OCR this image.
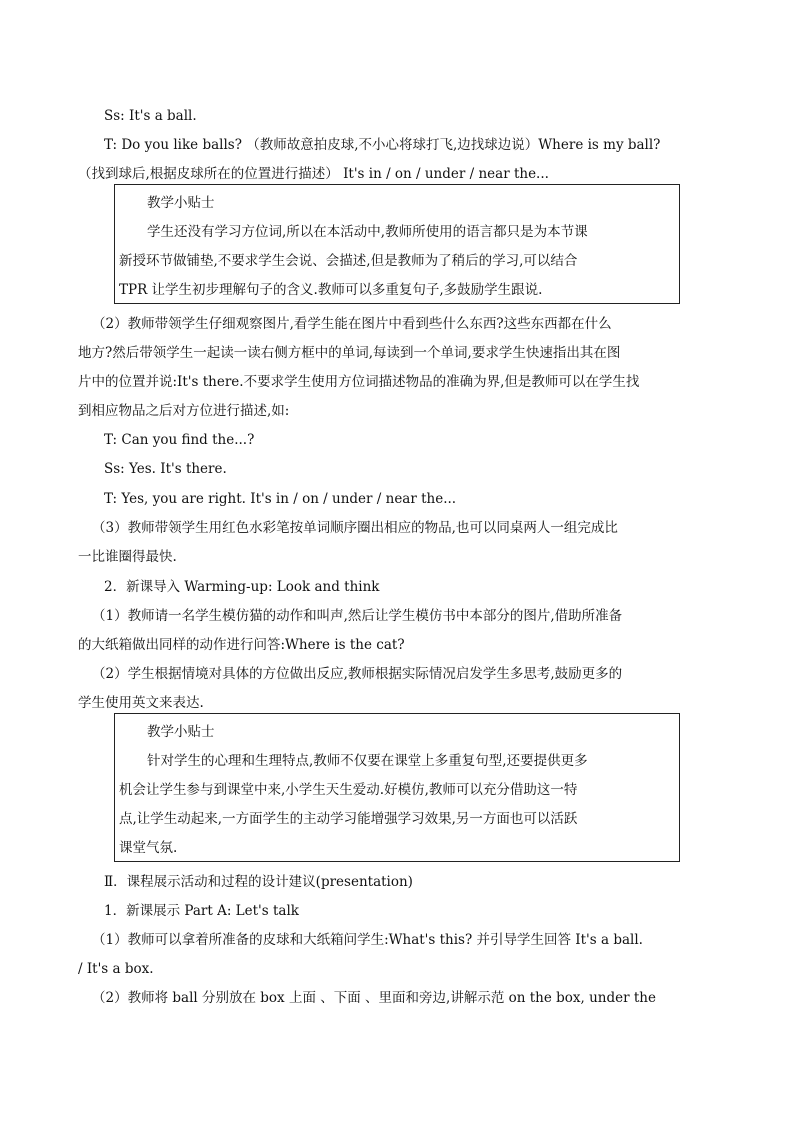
Ss: It's a ball.
T: Do you like balls? （教师故意拍皮球,不小心将球打飞,边找球边说）Where is my ball?
（找到球后,根据皮球所在的位置进行描述） It's in / on / under / near the...
教学小贴士
学生还没有学习方位词,所以在本活动中,教师所使用的语言都只是为本节课
新授环节做铺垫,不要求学生会说、会描述,但是教师为了稍后的学习,可以结合
TPR 让学生初步理解句子的含义.教师可以多重复句子,多鼓励学生跟说.
（2）教师带领学生仔细观察图片,看学生能在图片中看到些什么东西?这些东西都在什么
地方?然后带领学生一起读一读右侧方框中的单词,每读到一个单词,要求学生快速指出其在图
片中的位置并说:It's there.不要求学生使用方位词描述物品的准确为界,但是教师可以在学生找
到相应物品之后对方位进行描述,如:
T: Can you find the...?
Ss: Yes. It's there.
T: Yes, you are right. It's in / on / under / near the...
（3）教师带领学生用红色水彩笔按单词顺序圈出相应的物品,也可以同桌两人一组完成比
一比谁圈得最快.
2．新课导入 Warming-up: Look and think
（1）教师请一名学生模仿猫的动作和叫声,然后让学生模仿书中本部分的图片,借助所准备
的大纸箱做出同样的动作进行问答:Where is the cat?
（2）学生根据情境对具体的方位做出反应,教师根据实际情况启发学生多思考,鼓励更多的
学生使用英文来表达.
教学小贴士
针对学生的心理和生理特点,教师不仅要在课堂上多重复句型,还要提供更多
机会让学生参与到课堂中来,小学生天生爱动.好模仿,教师可以充分借助这一特
点,让学生动起来,一方面学生的主动学习能增强学习效果,另一方面也可以活跃
课堂气氛.
Ⅱ．课程展示活动和过程的设计建议(presentation)
1．新课展示 Part A: Let's talk
（1）教师可以拿着所准备的皮球和大纸箱问学生:What's this? 并引导学生回答 It's a ball.
/ It's a box.
（2）教师将 ball 分别放在 box 上面 、下面 、里面和旁边,讲解示范 on the box, under the
